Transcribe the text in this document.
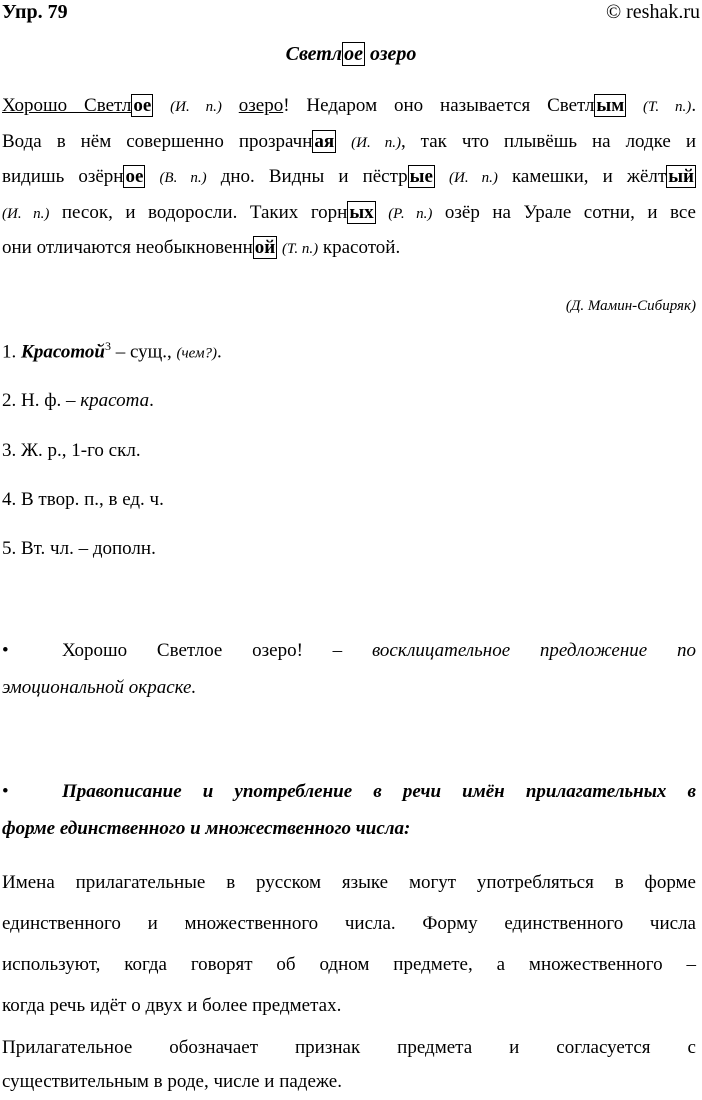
Упр. 79	© reshak.ru
Светл ое озеро
Хорошо Светл ое (И. п.) озеро! Недаром оно называется Светл ым (Т. п.).
Вода в нём совершенно прозрачн ая (И. п.), так что плывёшь на лодке и
видишь озёрн ое (В. п.) дно. Видны и пёстр ые (И. п.) камешки, и жёлт ый
(И. п.) песок, и водоросли. Таких горн ых (Р. п.) озёр на Урале сотни, и все
они отличаются необыкновенн ой (Т. п.) красотой.
(Д. Мамин-Сибиряк)
1. Красотой$^3$ – сущ., (чем?).
2. Н. ф. – красота.
3. Ж. р., 1-го скл.
4. В твор. п., в ед. ч.
5. Вт. чл. – дополн.
•	Хорошо Светлое озеро! – восклицательное предложение по
эмоциональной окраске.
•	Правописание и употребление в речи имён прилагательных в
форме единственного и множественного числа:
Имена прилагательные в русском языке могут употребляться в форме
единственного и множественного числа. Форму единственного числа
используют, когда говорят об одном предмете, а множественного –
когда речь идёт о двух и более предметах.
Прилагательное обозначает признак предмета и согласуется с
существительным в роде, числе и падеже.
